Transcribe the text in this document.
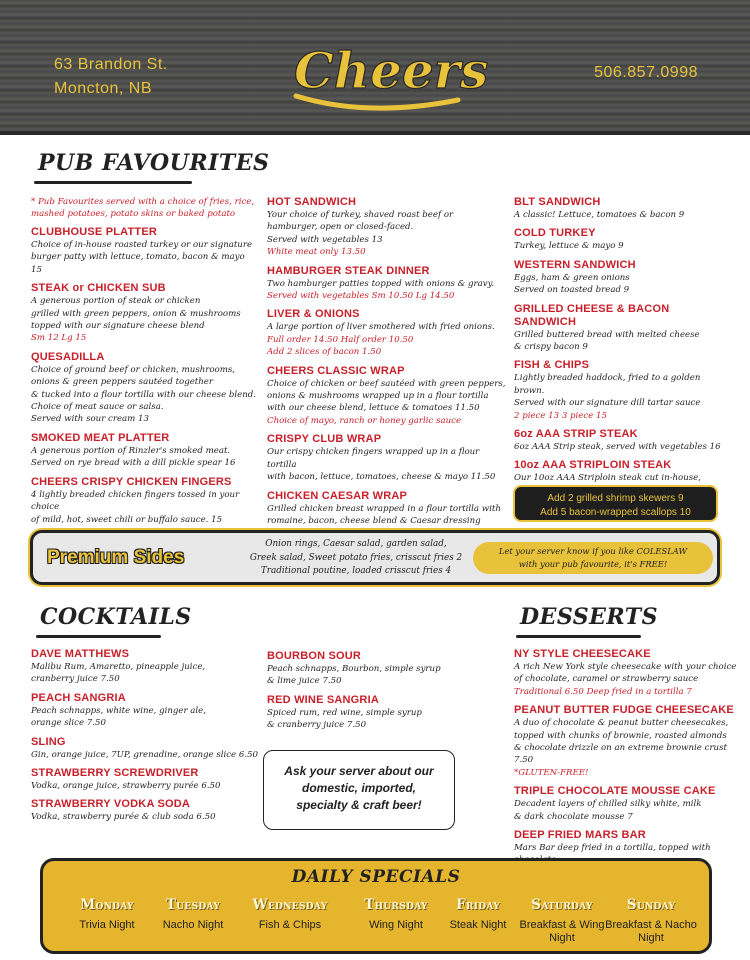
63 Brandon St.
Moncton, NB	Cheers	506.857.0998
PUB FAVOURITES
* Pub Favourites served with a choice of fries, rice, mashed potatoes, potato skins or baked potato
CLUBHOUSE PLATTER
Choice of in-house roasted turkey or our signature
burger patty with lettuce, tomato, bacon & mayo
15
STEAK or CHICKEN SUB
A generous portion of steak or chicken
grilled with green peppers, onion & mushrooms
topped with our signature cheese blend
Sm 12 Lg 15
QUESADILLA
Choice of ground beef or chicken, mushrooms,
onions & green peppers sautéed together
& tucked into a flour tortilla with our cheese blend.
Choice of meat sauce or salsa.
Served with sour cream 13
SMOKED MEAT PLATTER
A generous portion of Rinzler's smoked meat.
Served on rye bread with a dill pickle spear 16
CHEERS CRISPY CHICKEN FINGERS
4 lightly breaded chicken fingers tossed in your choice
of mild, hot, sweet chili or buffalo sauce. 15
HOT SANDWICH
Your choice of turkey, shaved roast beef or
hamburger, open or closed-faced.
Served with vegetables 13
White meat only 13.50
HAMBURGER STEAK DINNER
Two hamburger patties topped with onions & gravy.
Served with vegetables Sm 10.50 Lg 14.50
LIVER & ONIONS
A large portion of liver smothered with fried onions.
Full order 14.50 Half order 10.50
Add 2 slices of bacon 1.50
CHEERS CLASSIC WRAP
Choice of chicken or beef sautéed with green peppers,
onions & mushrooms wrapped up in a flour tortilla
with our cheese blend, lettuce & tomatoes 11.50
Choice of mayo, ranch or honey garlic sauce
CRISPY CLUB WRAP
Our crispy chicken fingers wrapped up in a flour tortilla
with bacon, lettuce, tomatoes, cheese & mayo 11.50
CHICKEN CAESAR WRAP
Grilled chicken breast wrapped in a flour tortilla with
romaine, bacon, cheese blend & Caesar dressing
BLT SANDWICH
A classic! Lettuce, tomatoes & bacon 9
COLD TURKEY
Turkey, lettuce & mayo 9
WESTERN SANDWICH
Eggs, ham & green onions
Served on toasted bread 9
GRILLED CHEESE & BACON SANDWICH
Grilled buttered bread with melted cheese
& crispy bacon 9
FISH & CHIPS
Lightly breaded haddock, fried to a golden brown.
Served with our signature dill tartar sauce
2 piece 13 3 piece 15
6oz AAA STRIP STEAK
6oz AAA Strip steak, served with vegetables 16
10oz AAA STRIPLOIN STEAK
Our 10oz AAA Striploin steak cut in-house,
Add 2 grilled shrimp skewers 9
Add 5 bacon-wrapped scallops 10
Premium Sides
Onion rings, Caesar salad, garden salad,
Greek salad, Sweet potato fries, crisscut fries 2
Traditional poutine, loaded crisscut fries 4
Let your server know if you like COLESLAW
with your pub favourite, it's FREE!
COCKTAILS
DAVE MATTHEWS
Malibu Rum, Amaretto, pineapple juice,
cranberry juice 7.50
PEACH SANGRIA
Peach schnapps, white wine, ginger ale,
orange slice 7.50
SLING
Gin, orange juice, 7UP, grenadine, orange slice 6.50
STRAWBERRY SCREWDRIVER
Vodka, orange juice, strawberry purée 6.50
STRAWBERRY VODKA SODA
Vodka, strawberry purée & club soda 6.50
BOURBON SOUR
Peach schnapps, Bourbon, simple syrup
& lime juice 7.50
RED WINE SANGRIA
Spiced rum, red wine, simple syrup
& cranberry juice 7.50
Ask your server about our
domestic, imported,
specialty & craft beer!
DESSERTS
NY STYLE CHEESECAKE
A rich New York style cheesecake with your choice
of chocolate, caramel or strawberry sauce
Traditional 6.50 Deep fried in a tortilla 7
PEANUT BUTTER FUDGE CHEESECAKE
A duo of chocolate & peanut butter cheesecakes,
topped with chunks of brownie, roasted almonds
& chocolate drizzle on an extreme brownie crust 7.50
*GLUTEN-FREE!
TRIPLE CHOCOLATE MOUSSE CAKE
Decadent layers of chilled silky white, milk
& dark chocolate mousse 7
DEEP FRIED MARS BAR
Mars Bar deep fried in a tortilla, topped with
DAILY SPECIALS
Monday
Trivia Night
Tuesday
Nacho Night
Wednesday
Fish & Chips
Thursday
Wing Night
Friday
Steak Night
Saturday
Breakfast & Wing Night
Sunday
Breakfast & Nacho Night
